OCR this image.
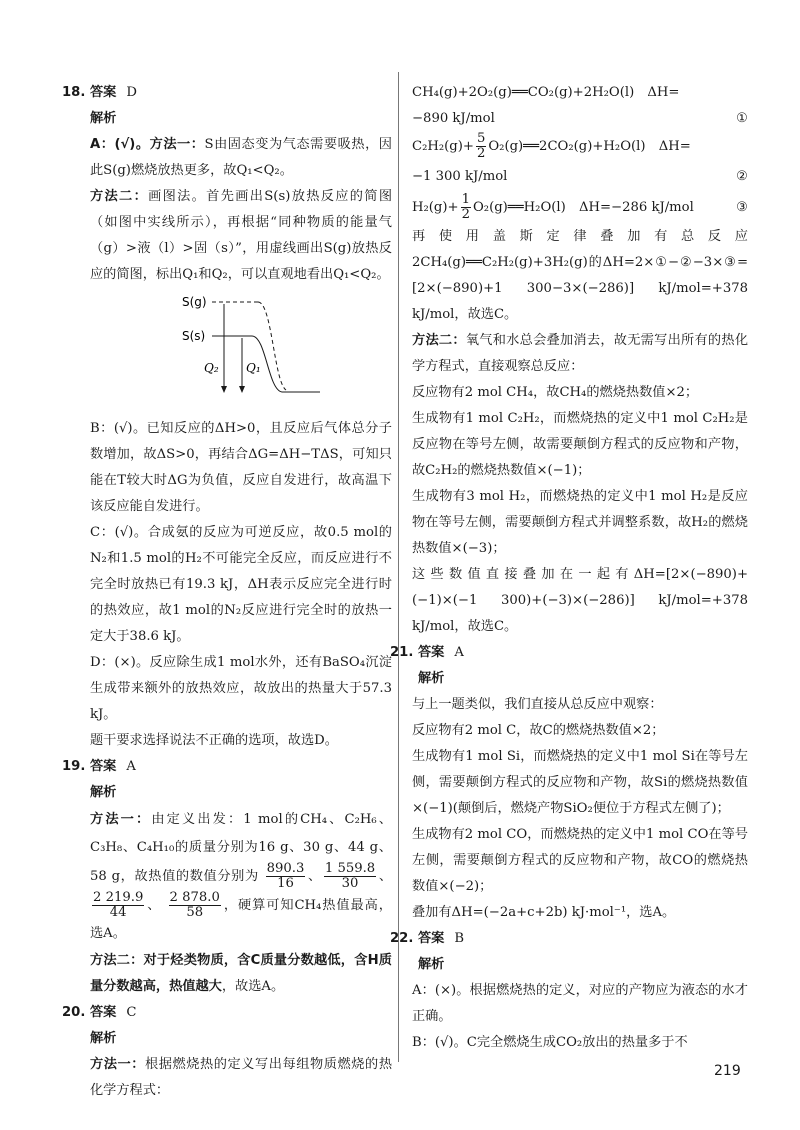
18. 答案 D

解析

A：(√)。方法一：S由固态变为气态需要吸热，因此S(g)燃烧放热更多，故Q₁<Q₂。

方法二：画图法。首先画出S(s)放热反应的简图（如图中实线所示），再根据“同种物质的能量气（g）>液（l）>固（s）”，用虚线画出S(g)放热反应的简图，标出Q₁和Q₂，可以直观地看出Q₁<Q₂。

S(g)
S(s)
Q₂ Q₁

B：(√)。已知反应的ΔH>0，且反应后气体总分子数增加，故ΔS>0，再结合ΔG=ΔH−TΔS，可知只能在T较大时ΔG为负值，反应自发进行，故高温下该反应能自发进行。

C：(√)。合成氨的反应为可逆反应，故0.5 mol的N₂和1.5 mol的H₂不可能完全反应，而反应进行不完全时放热已有19.3 kJ，ΔH表示反应完全进行时的热效应，故1 mol的N₂反应进行完全时的放热一定大于38.6 kJ。

D：(×)。反应除生成1 mol水外，还有BaSO₄沉淀生成带来额外的放热效应，故放出的热量大于57.3 kJ。

题干要求选择说法不正确的选项，故选D。

19. 答案 A

解析

方法一：由定义出发：1 mol的CH₄、C₂H₆、C₃H₈、C₄H₁₀的质量分别为16 g、30 g、44 g、58 g，故热值的数值分别为 $\frac{890.3}{16}$ 、 $\frac{1 559.8}{30}$ 、
$\frac{2 219.9}{44}$ 、 $\frac{2 878.0}{58}$ ，硬算可知CH₄热值最高，选A。

方法二：对于烃类物质，含C质量分数越低，含H质量分数越高，热值越大，故选A。

20. 答案 C

解析

方法一：根据燃烧热的定义写出每组物质燃烧的热化学方程式：

CH₄(g)+2O₂(g)══CO₂(g)+2H₂O(l)　ΔH=
−890 kJ/mol	①

$C_2H_2(g)+ \frac{5}{2}$ O₂(g)══2CO₂(g)+H₂O(l)　ΔH=
−1 300 kJ/mol	②

$H_2(g)+ \frac{1}{2}$ O₂(g)══H₂O(l)　ΔH=−286 kJ/mol	③

再使用盖斯定律叠加有总反应2CH₄(g)══C₂H₂(g)+3H₂(g)的ΔH=2×①−②−3×③=[2×(−890)+1 300−3×(−286)] kJ/mol=+378 kJ/mol，故选C。

方法二：氧气和水总会叠加消去，故无需写出所有的热化学方程式，直接观察总反应：

反应物有2 mol CH₄，故CH₄的燃烧热数值×2；

生成物有1 mol C₂H₂，而燃烧热的定义中1 mol C₂H₂是反应物在等号左侧，故需要颠倒方程式的反应物和产物，故C₂H₂的燃烧热数值×(−1)；

生成物有3 mol H₂，而燃烧热的定义中1 mol H₂是反应物在等号左侧，需要颠倒方程式并调整系数，故H₂的燃烧热数值×(−3)；

这些数值直接叠加在一起有ΔH=[2×(−890)+(−1)×(−1 300)+(−3)×(−286)] kJ/mol=+378 kJ/mol，故选C。

21. 答案 A

解析

与上一题类似，我们直接从总反应中观察：

反应物有2 mol C，故C的燃烧热数值×2；

生成物有1 mol Si，而燃烧热的定义中1 mol Si在等号左侧，需要颠倒方程式的反应物和产物，故Si的燃烧热数值×(−1)(颠倒后，燃烧产物SiO₂便位于方程式左侧了)；

生成物有2 mol CO，而燃烧热的定义中1 mol CO在等号左侧，需要颠倒方程式的反应物和产物，故CO的燃烧热数值×(−2)；

叠加有ΔH=(−2a+c+2b) kJ·mol⁻¹，选A。

22. 答案 B

解析

A：(×)。根据燃烧热的定义，对应的产物应为液态的水才正确。

B：(√)。C完全燃烧生成CO₂放出的热量多于不

219
